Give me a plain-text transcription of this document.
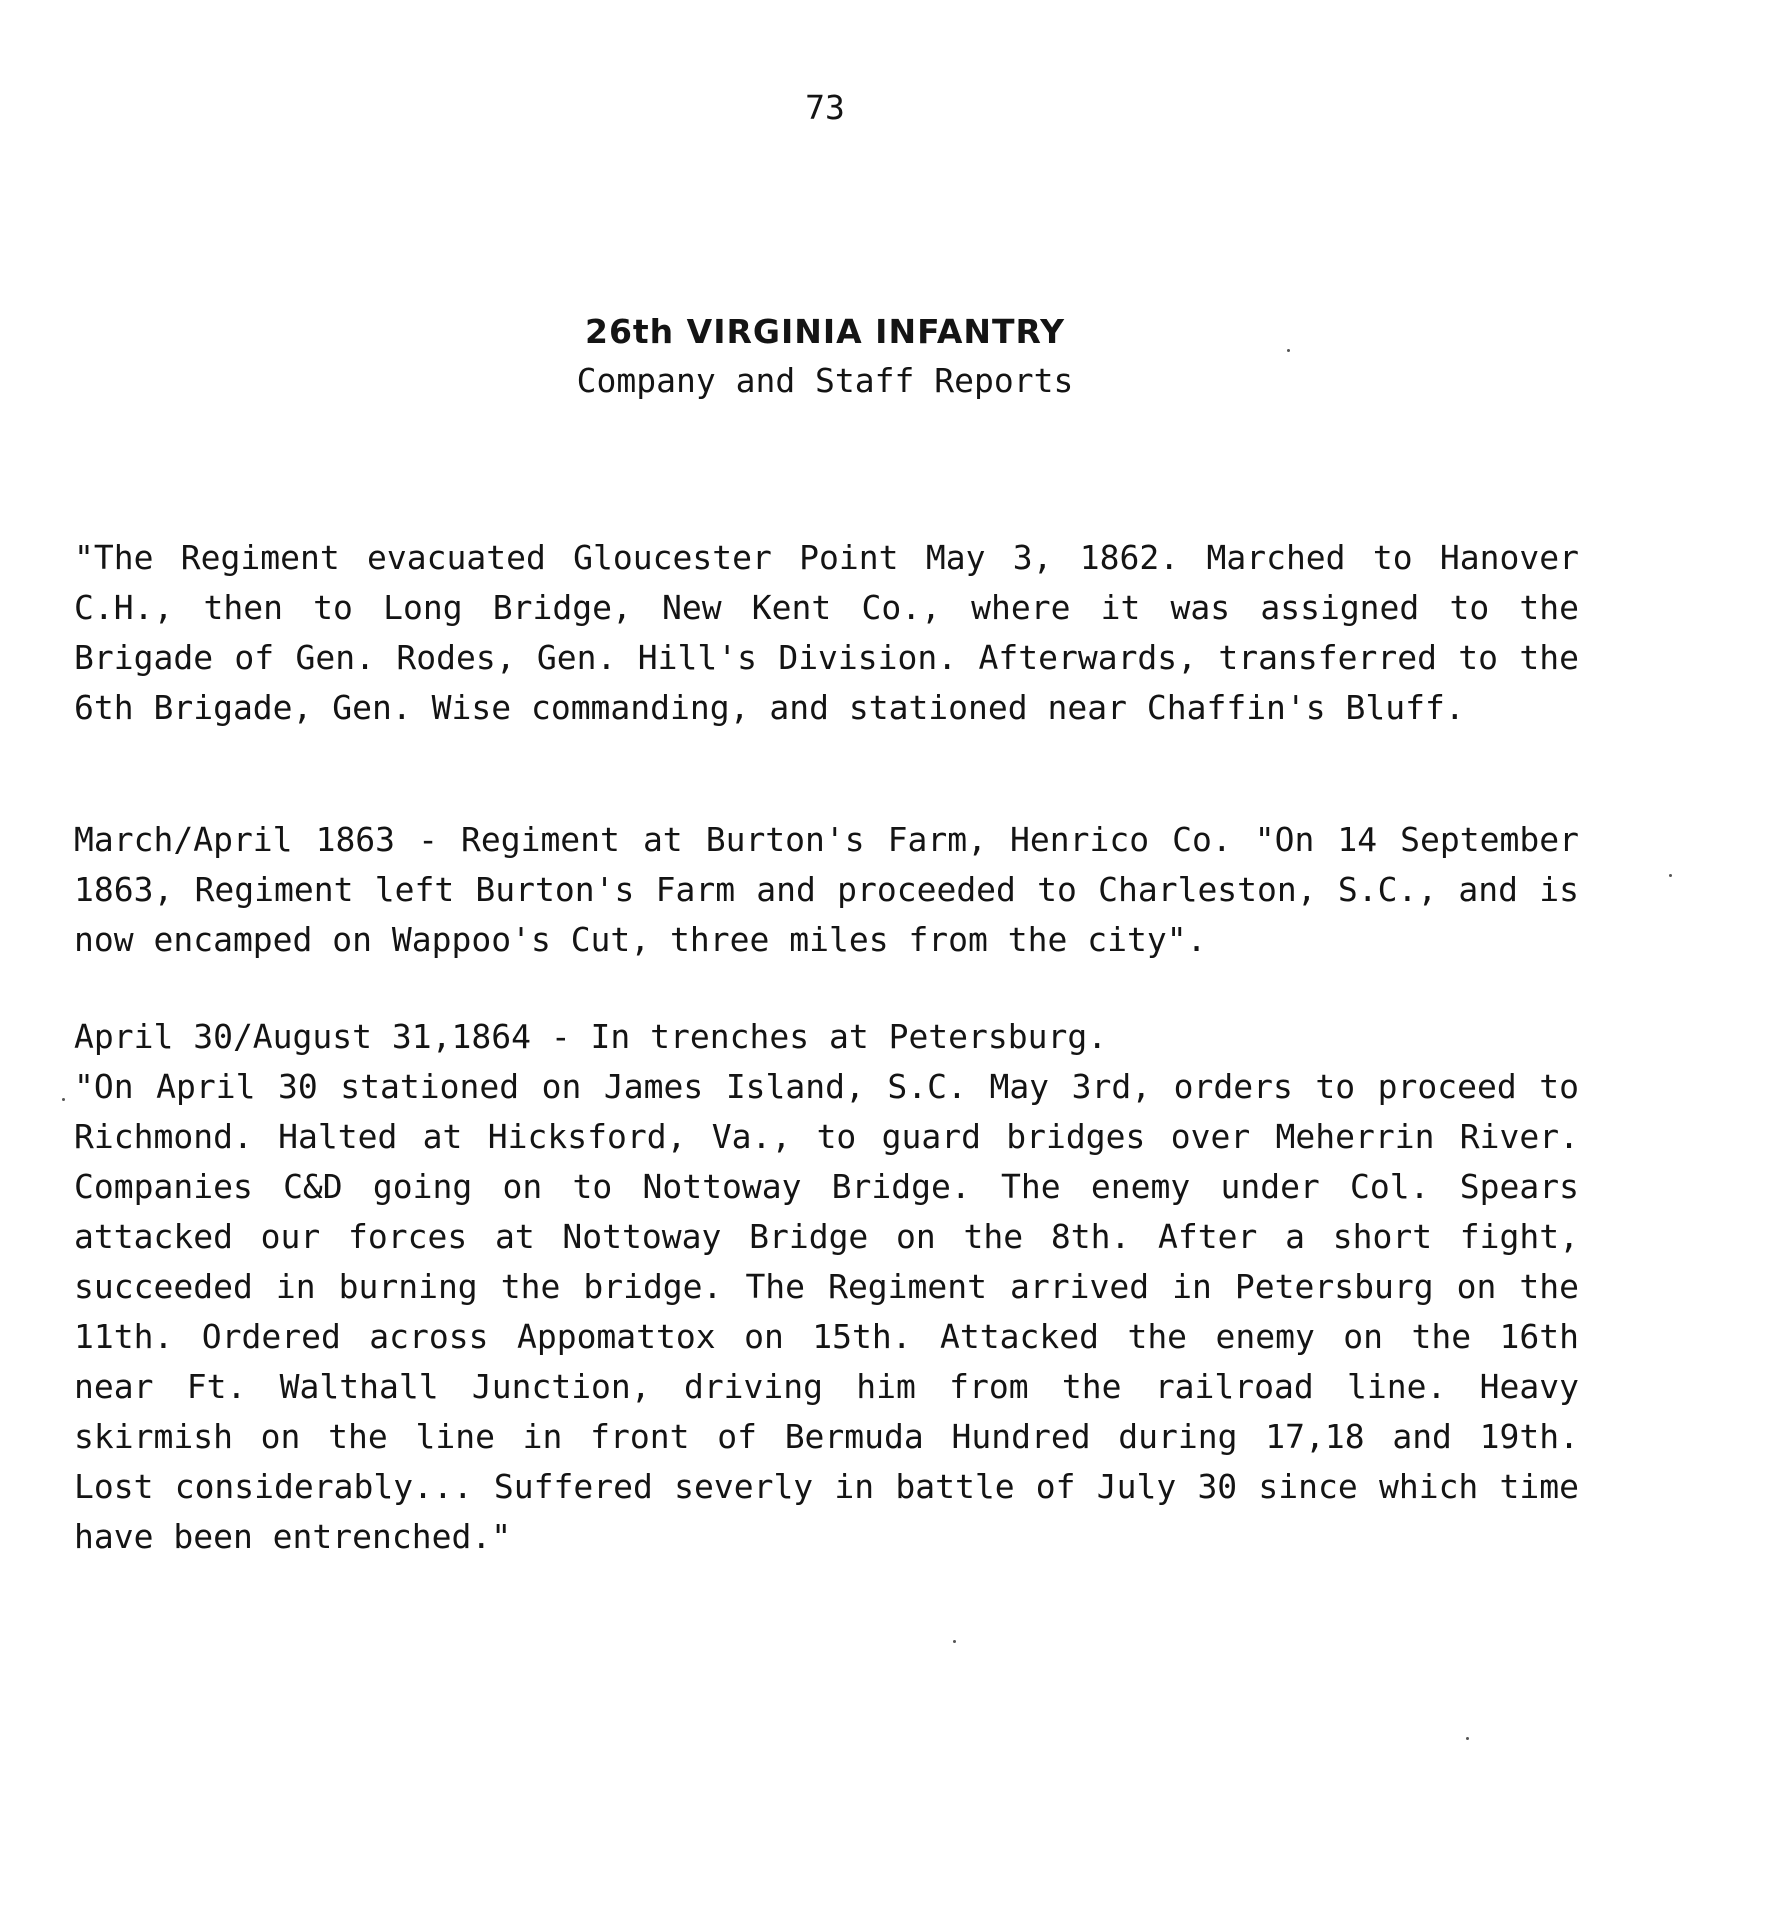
73
26th VIRGINIA INFANTRY
Company and Staff Reports

"The Regiment evacuated Gloucester Point May 3, 1862. Marched to Hanover C.H., then to Long Bridge, New Kent Co., where it was assigned to the Brigade of Gen. Rodes, Gen. Hill's Division. Afterwards, transferred to the 6th Brigade, Gen. Wise commanding, and stationed near Chaffin's Bluff.

March/April 1863 - Regiment at Burton's Farm, Henrico Co. "On 14 September 1863, Regiment left Burton's Farm and proceeded to Charleston, S.C., and is now encamped on Wappoo's Cut, three miles from the city".

April 30/August 31,1864 - In trenches at Petersburg.

"On April 30 stationed on James Island, S.C. May 3rd, orders to proceed to Richmond. Halted at Hicksford, Va., to guard bridges over Meherrin River. Companies C&D going on to Nottoway Bridge. The enemy under Col. Spears attacked our forces at Nottoway Bridge on the 8th. After a short fight, succeeded in burning the bridge. The Regiment arrived in Petersburg on the 11th. Ordered across Appomattox on 15th. Attacked the enemy on the 16th near Ft. Walthall Junction, driving him from the railroad line. Heavy skirmish on the line in front of Bermuda Hundred during 17,18 and 19th. Lost considerably... Suffered severly in battle of July 30 since which time have been entrenched."
